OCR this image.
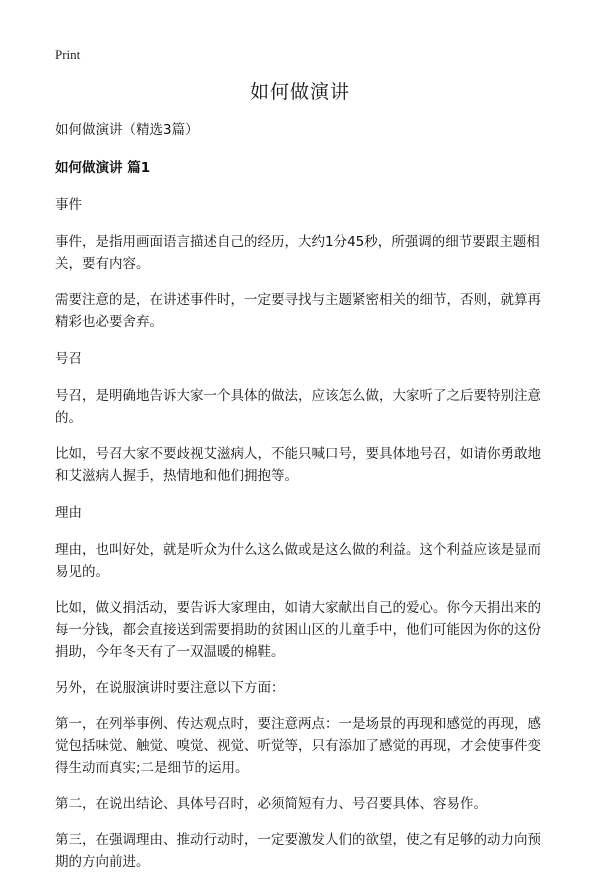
Print
如何做演讲

如何做演讲（精选3篇）

如何做演讲 篇1

事件

事件，是指用画面语言描述自己的经历，大约1分45秒，所强调的细节要跟主题相关，要有内容。

需要注意的是，在讲述事件时，一定要寻找与主题紧密相关的细节，否则，就算再精彩也必要舍弃。

号召

号召，是明确地告诉大家一个具体的做法，应该怎么做，大家听了之后要特别注意的。

比如，号召大家不要歧视艾滋病人，不能只喊口号，要具体地号召，如请你勇敢地和艾滋病人握手，热情地和他们拥抱等。

理由

理由，也叫好处，就是听众为什么这么做或是这么做的利益。这个利益应该是显而易见的。

比如，做义捐活动，要告诉大家理由，如请大家献出自己的爱心。你今天捐出来的每一分钱，都会直接送到需要捐助的贫困山区的儿童手中，他们可能因为你的这份捐助，今年冬天有了一双温暖的棉鞋。

另外，在说服演讲时要注意以下方面：

第一，在列举事例、传达观点时，要注意两点：一是场景的再现和感觉的再现，感觉包括味觉、触觉、嗅觉、视觉、听觉等，只有添加了感觉的再现，才会使事件变得生动而真实;二是细节的运用。

第二，在说出结论、具体号召时，必须简短有力、号召要具体、容易作。

第三，在强调理由、推动行动时，一定要激发人们的欲望，使之有足够的动力向预期的方向前进。
